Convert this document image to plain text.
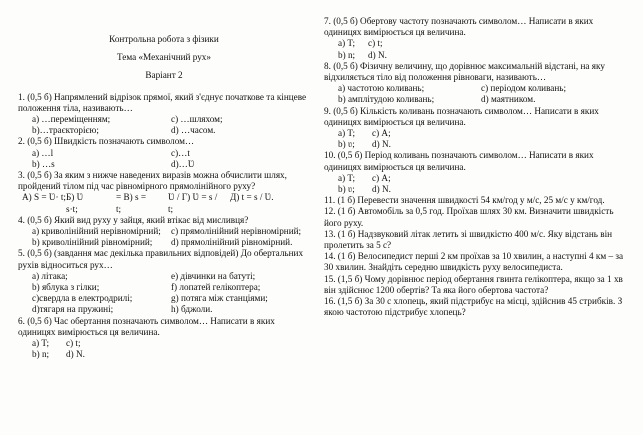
Контрольна робота з фізики
Тема «Механічний рух»
Варіант 2
1. (0,5 б) Напрямлений відрізок прямої, який з'єднує початкове та кінцеве положення тіла, називають…
а) …переміщенням;	с) …шляхом;
b)…траєкторією;	d) …часом.
2. (0,5 б) Швидкість позначають символом…
а) …l	с)…t
b) …s	d)…Ʋ
3. (0,5 б) За яким з нижче наведених виразів можна обчислити шлях, пройдений тілом під час рівномірного прямолінійного руху?
А) S = Ʋ· t; Б) Ʋ	= В) s =	Ʋ / Г) Ʋ = s /	Д) t = s / Ʋ.
s·t;	t;	t;
4. (0,5 б) Який вид руху у зайця, який втікає від мисливця?
а) криволінійний нерівномірний;	с) прямолінійний нерівномірний;
b) криволінійний рівномірний;	d) прямолінійний рівномірний.
5. (0,5 б) (завдання має декілька правильних відповідей) До обертальних рухів відноситься рух…
а) літака;	е) дівчинки на батуті;
b) яблука з гілки;	f) лопатей гелікоптера;
с)свердла в електродрилі;	g) потяга між станціями;
d)тягаря на пружині;	h) бджоли.
6. (0,5 б) Час обертання позначають символом… Написати в яких одиницях вимірюється ця величина.
а) T; с) t;
b) n; d) N.
7. (0,5 б) Обертову частоту позначають символом… Написати в яких одиницях вимірюється ця величина.
а) T; с) t;
b) n; d) N.
8. (0,5 б) Фізичну величину, що дорівнює максимальній відстані, на яку відхиляється тіло від положення рівноваги, називають…
а) частотою коливань;	с) періодом коливань;
b) амплітудою коливань;	d) маятником.
9. (0,5 б) Кількість коливань позначають символом… Написати в яких одиницях вимірюється ця величина.
а) T; с) A;
b) ʋ; d) N.
10. (0,5 б) Період коливань позначають символом… Написати в яких одиницях вимірюється ця величина.
а) T; с) A;
b) ʋ; d) N.
11. (1 б) Перевести значення швидкості 54 км/год у м/с, 25 м/с у км/год.
12. (1 б) Автомобіль за 0,5 год. Проїхав шлях 30 км. Визначити швидкість його руху.
13. (1 б) Надзвуковий літак летить зі швидкістю 400 м/с. Яку відстань він пролетить за 5 с?
14. (1 б) Велосипедист перші 2 км проїхав за 10 хвилин, а наступні 4 км – за 30 хвилин. Знайдіть середню швидкість руху велосипедиста.
15. (1,5 б) Чому дорівнює період обертання гвинта гелікоптера, якщо за 1 хв він здійснює 1200 обертів? Та яка його обертова частота?
16. (1,5 б) За 30 с хлопець, який підстрибує на місці, здійснив 45 стрибків. З якою частотою підстрибує хлопець?
